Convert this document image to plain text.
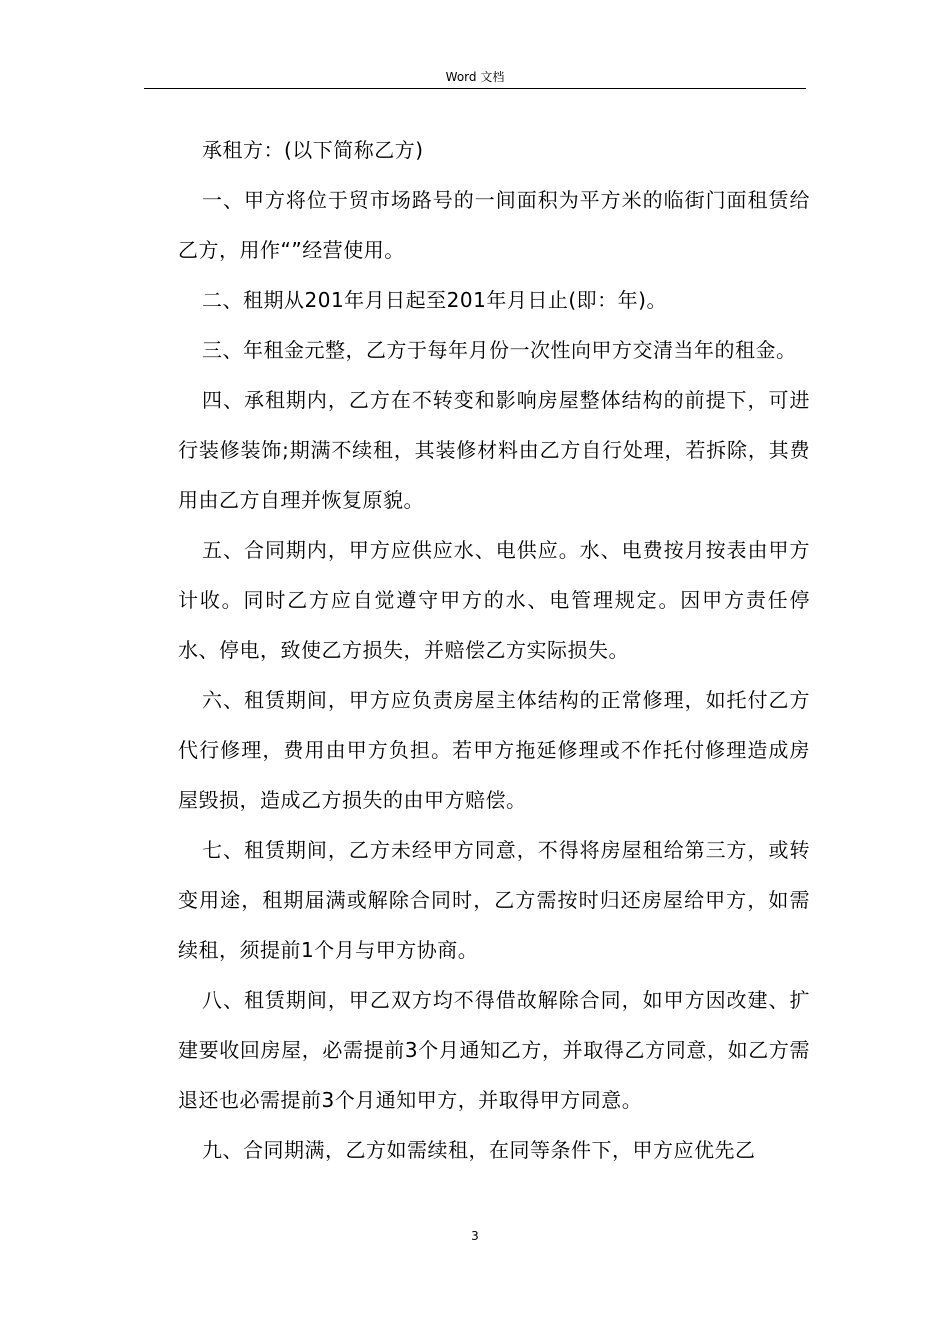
Word 文档

承租方：(以下简称乙方)

一、甲方将位于贸市场路号的一间面积为平方米的临街门面租赁给乙方，用作“”经营使用。

二、租期从201年月日起至201年月日止(即：年)。

三、年租金元整，乙方于每年月份一次性向甲方交清当年的租金。

四、承租期内，乙方在不转变和影响房屋整体结构的前提下，可进行装修装饰;期满不续租，其装修材料由乙方自行处理，若拆除，其费用由乙方自理并恢复原貌。

五、合同期内，甲方应供应水、电供应。水、电费按月按表由甲方计收。同时乙方应自觉遵守甲方的水、电管理规定。因甲方责任停水、停电，致使乙方损失，并赔偿乙方实际损失。

六、租赁期间，甲方应负责房屋主体结构的正常修理，如托付乙方代行修理，费用由甲方负担。若甲方拖延修理或不作托付修理造成房屋毁损，造成乙方损失的由甲方赔偿。

七、租赁期间，乙方未经甲方同意，不得将房屋租给第三方，或转变用途，租期届满或解除合同时，乙方需按时归还房屋给甲方，如需续租，须提前1个月与甲方协商。

八、租赁期间，甲乙双方均不得借故解除合同，如甲方因改建、扩建要收回房屋，必需提前3个月通知乙方，并取得乙方同意，如乙方需退还也必需提前3个月通知甲方，并取得甲方同意。

九、合同期满，乙方如需续租，在同等条件下，甲方应优先乙

3
